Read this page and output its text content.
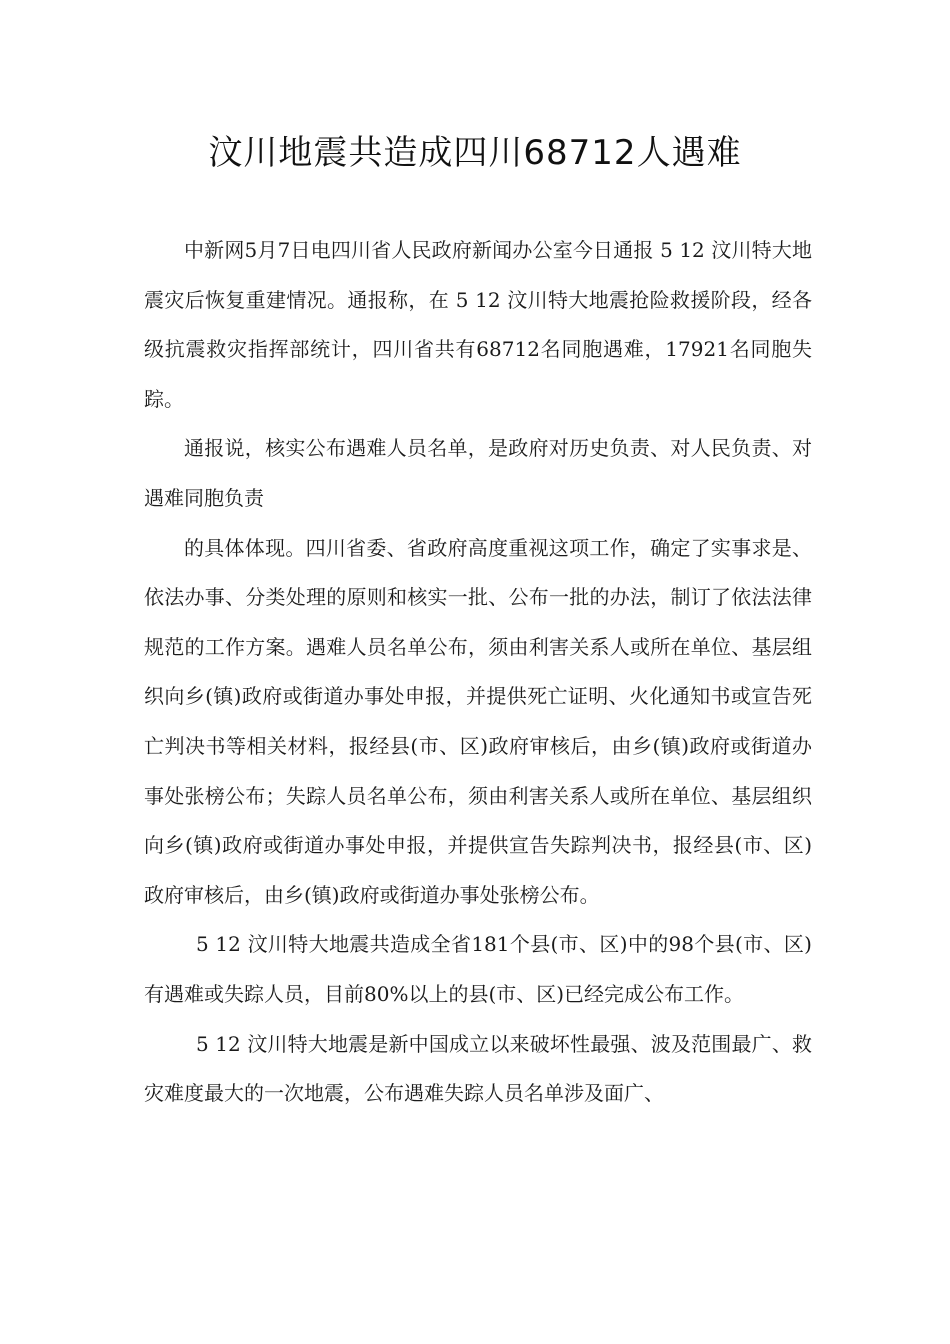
汶川地震共造成四川68712人遇难

中新网5月7日电四川省人民政府新闻办公室今日通报 5 12 汶川特大地震灾后恢复重建情况。通报称，在 5 12 汶川特大地震抢险救援阶段，经各级抗震救灾指挥部统计，四川省共有68712名同胞遇难，17921名同胞失踪。

通报说，核实公布遇难人员名单，是政府对历史负责、对人民负责、对遇难同胞负责

的具体体现。四川省委、省政府高度重视这项工作，确定了实事求是、依法办事、分类处理的原则和核实一批、公布一批的办法，制订了依法法律规范的工作方案。遇难人员名单公布，须由利害关系人或所在单位、基层组织向乡(镇)政府或街道办事处申报，并提供死亡证明、火化通知书或宣告死亡判决书等相关材料，报经县(市、区)政府审核后，由乡(镇)政府或街道办事处张榜公布；失踪人员名单公布，须由利害关系人或所在单位、基层组织向乡(镇)政府或街道办事处申报，并提供宣告失踪判决书，报经县(市、区)政府审核后，由乡(镇)政府或街道办事处张榜公布。

5 12 汶川特大地震共造成全省181个县(市、区)中的98个县(市、区)有遇难或失踪人员，目前80%以上的县(市、区)已经完成公布工作。

5 12 汶川特大地震是新中国成立以来破坏性最强、波及范围最广、救灾难度最大的一次地震，公布遇难失踪人员名单涉及面广、
